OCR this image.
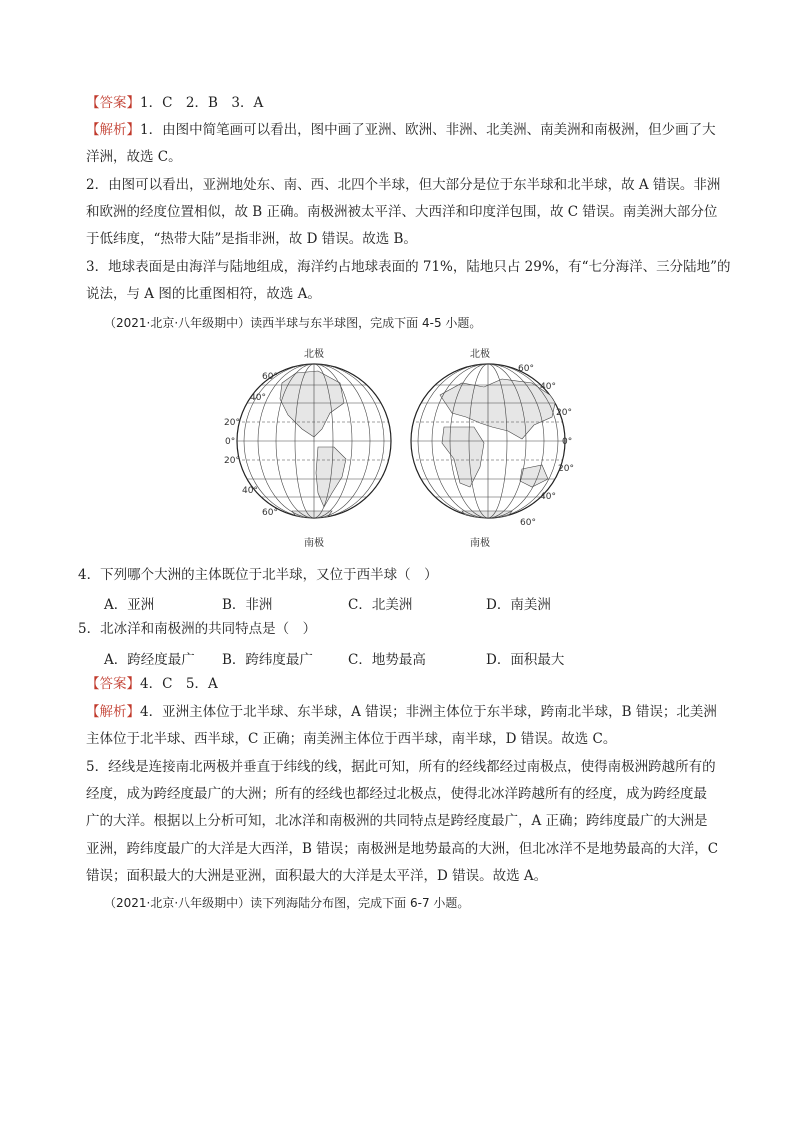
【答案】1．C　2．B　3．A
【解析】1．由图中简笔画可以看出，图中画了亚洲、欧洲、非洲、北美洲、南美洲和南极洲，但少画了大
洋洲，故选 C。
2．由图可以看出，亚洲地处东、南、西、北四个半球，但大部分是位于东半球和北半球，故 A 错误。非洲
和欧洲的经度位置相似，故 B 正确。南极洲被太平洋、大西洋和印度洋包围，故 C 错误。南美洲大部分位
于低纬度，“热带大陆”是指非洲，故 D 错误。故选 B。
3．地球表面是由海洋与陆地组成，海洋约占地球表面的 71%，陆地只占 29%，有“七分海洋、三分陆地”的
说法，与 A 图的比重图相符，故选 A。
（2021·北京·八年级期中）读西半球与东半球图，完成下面 4-5 小题。
北极
南极
60°
40°
20°
0°
20°
40°
60°
北极
南极
60°
40°
20°
0°
20°
40°
60°
4．下列哪个大洲的主体既位于北半球，又位于西半球（　）
A．亚洲	B．非洲	C．北美洲	D．南美洲
5．北冰洋和南极洲的共同特点是（　）
A．跨经度最广 B．跨纬度最广	C．地势最高	D．面积最大
【答案】4．C　5．A
【解析】4．亚洲主体位于北半球、东半球，A 错误；非洲主体位于东半球，跨南北半球，B 错误；北美洲
主体位于北半球、西半球，C 正确；南美洲主体位于西半球，南半球，D 错误。故选 C。
5．经线是连接南北两极并垂直于纬线的线，据此可知，所有的经线都经过南极点，使得南极洲跨越所有的
经度，成为跨经度最广的大洲；所有的经线也都经过北极点，使得北冰洋跨越所有的经度，成为跨经度最
广的大洋。根据以上分析可知，北冰洋和南极洲的共同特点是跨经度最广，A 正确；跨纬度最广的大洲是
亚洲，跨纬度最广的大洋是大西洋，B 错误；南极洲是地势最高的大洲，但北冰洋不是地势最高的大洋，C
错误；面积最大的大洲是亚洲，面积最大的大洋是太平洋，D 错误。故选 A。
（2021·北京·八年级期中）读下列海陆分布图，完成下面 6-7 小题。
